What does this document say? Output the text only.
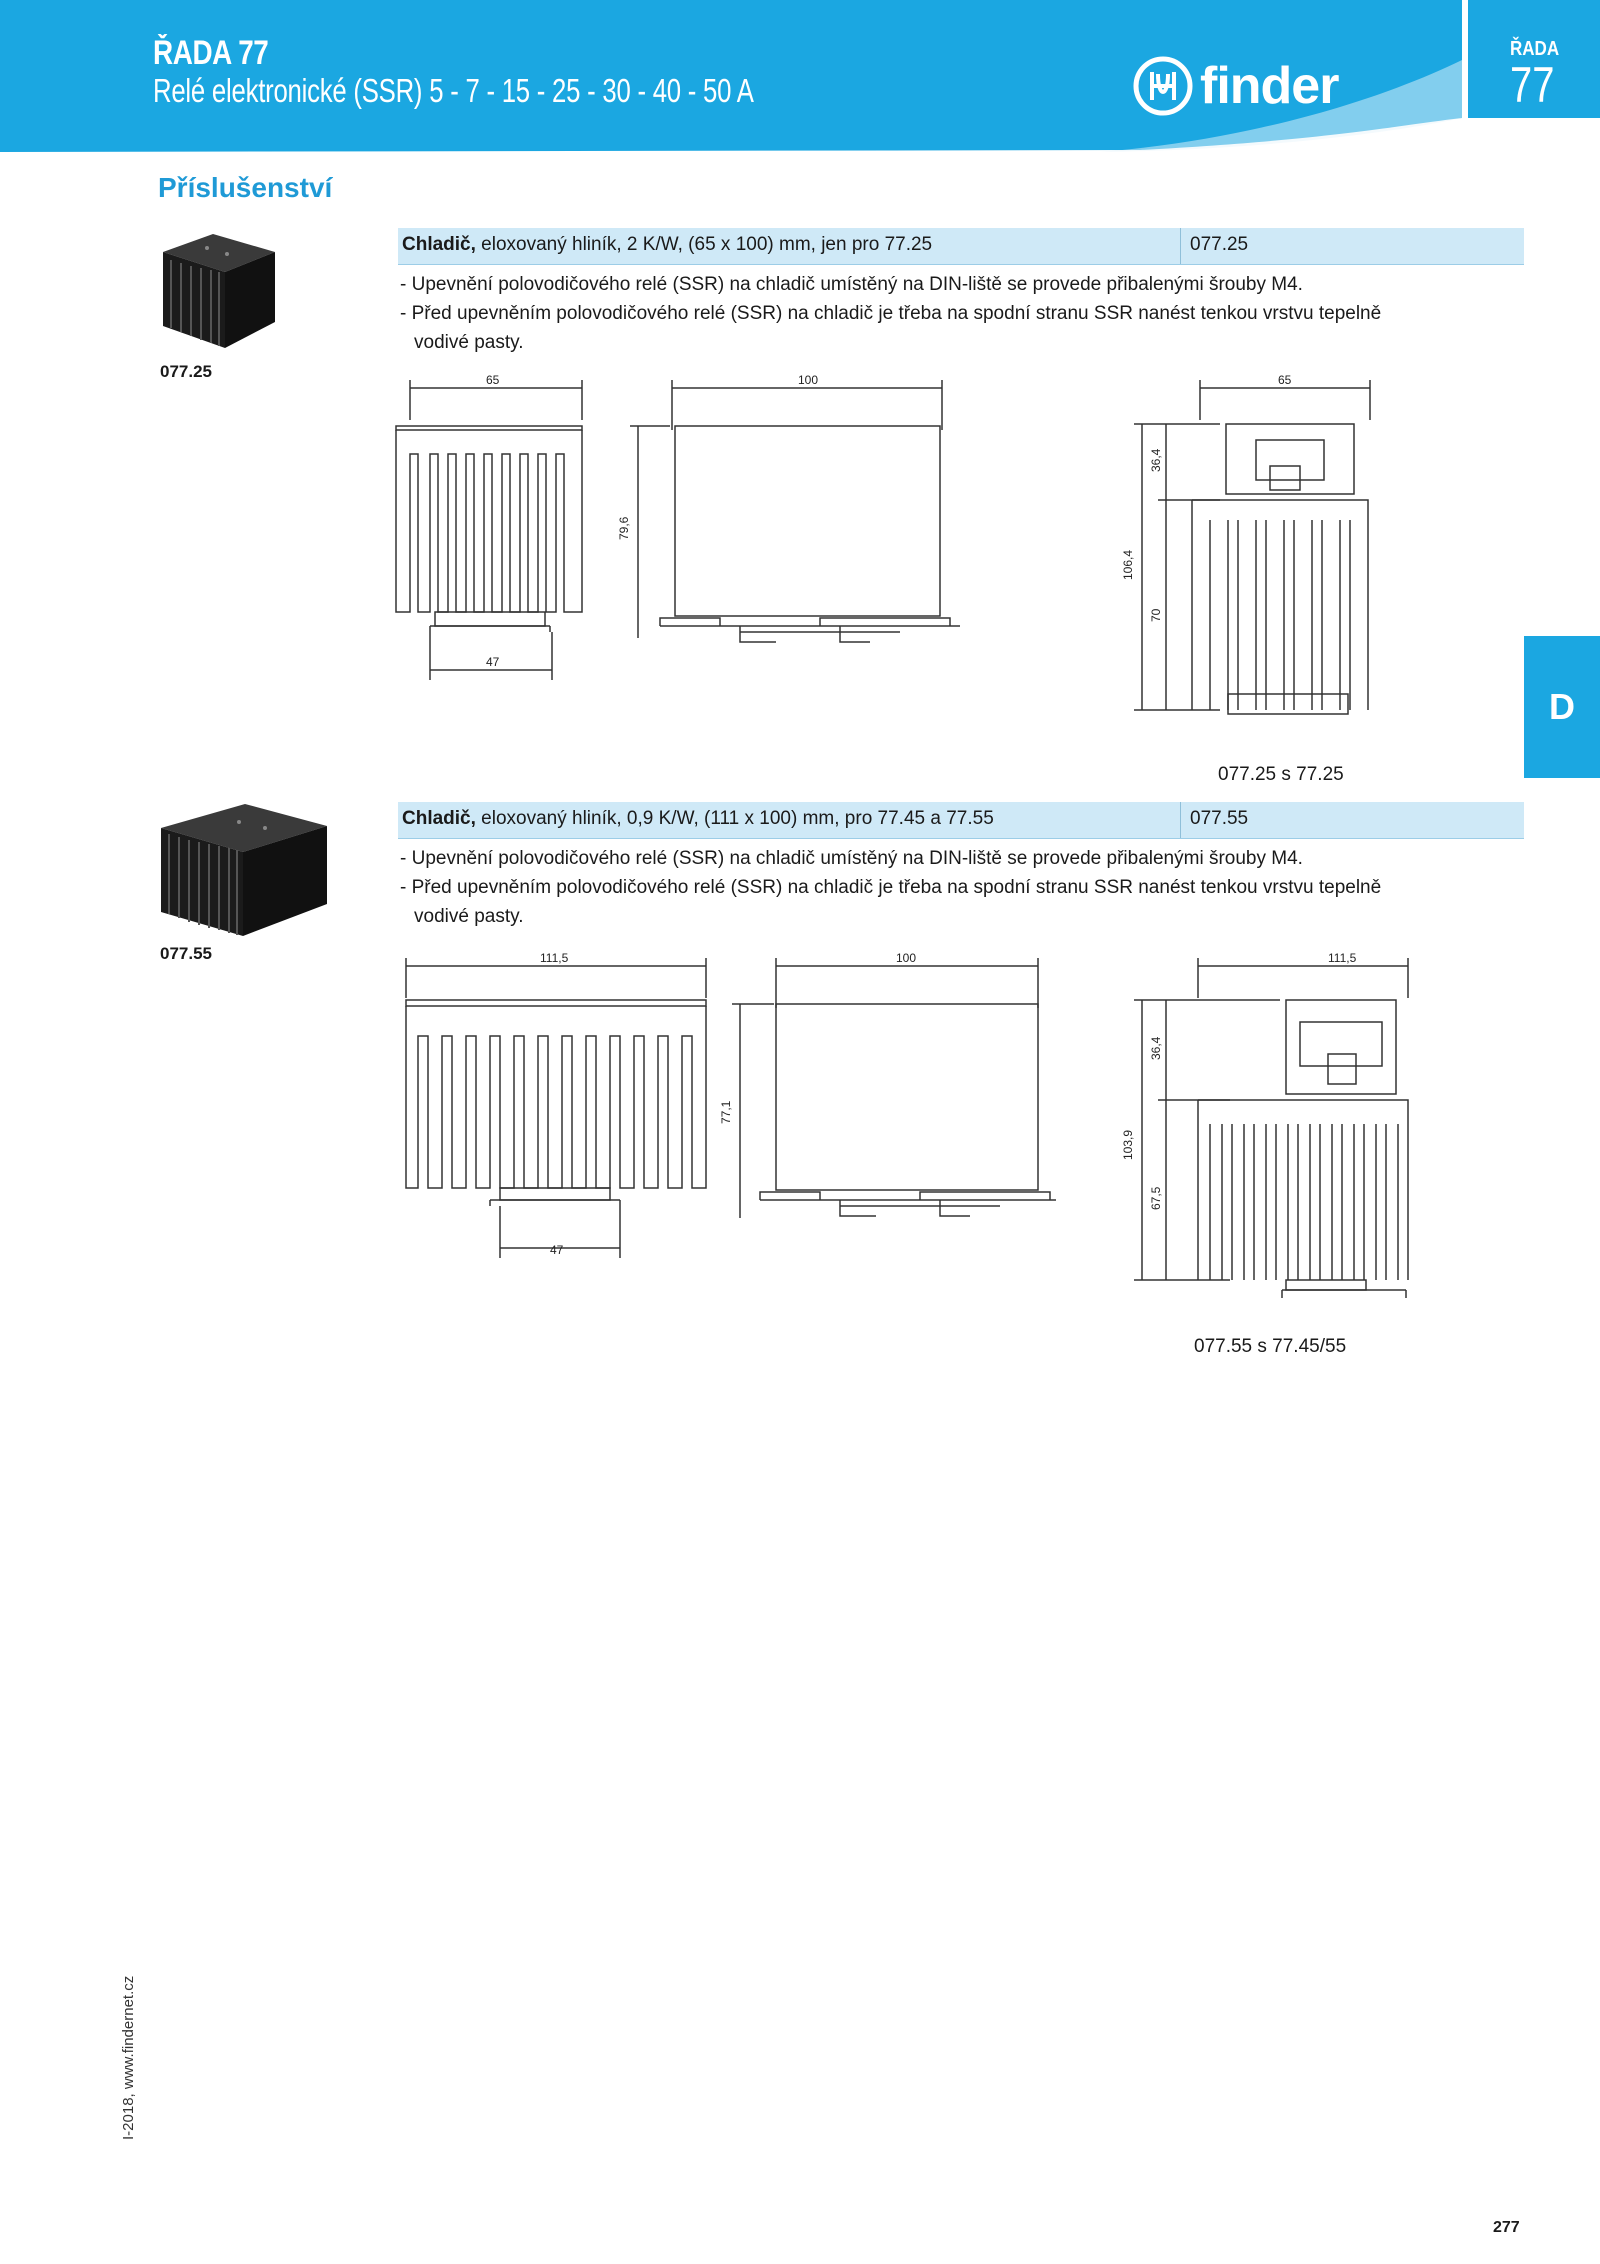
ŘADA 77
Relé elektronické (SSR) 5 - 7 - 15 - 25 - 30 - 40 - 50 A	finder
ŘADA
77
Příslušenství
077.25
Chladič, eloxovaný hliník, 2 K/W, (65 x 100) mm, jen pro 77.25	077.25

- Upevnění polovodičového relé (SSR) na chladič umístěný na DIN-liště se provede přibalenými šrouby M4.

- Před upevněním polovodičového relé (SSR) na chladič je třeba na spodní stranu SSR nanést tenkou vrstvu tepelně vodivé pasty.

65
47
100
79,6
65
106,4
36,4
70
077.25 s 77.25
077.55
Chladič, eloxovaný hliník, 0,9 K/W, (111 x 100) mm, pro 77.45 a 77.55	077.55

- Upevnění polovodičového relé (SSR) na chladič umístěný na DIN-liště se provede přibalenými šrouby M4.

- Před upevněním polovodičového relé (SSR) na chladič je třeba na spodní stranu SSR nanést tenkou vrstvu tepelně vodivé pasty.

111,5
47
100
77,1
111,5
103,9
36,4
67,5
077.55 s 77.45/55
D
I-2018, www.findernet.cz
277
